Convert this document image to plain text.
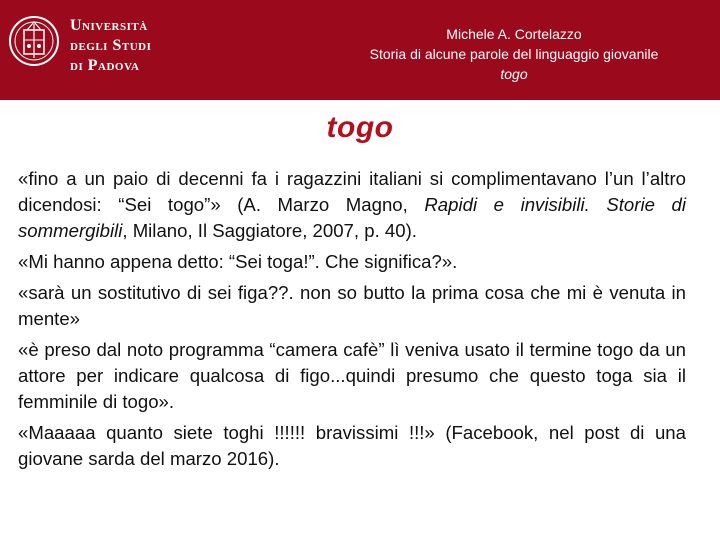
Università
degli Studi
di Padova
Michele A. Cortelazzo
Storia di alcune parole del linguaggio giovanile
togo
togo

«fino a un paio di decenni fa i ragazzini italiani si complimentavano l’un l’altro dicendosi: “Sei togo”» (A. Marzo Magno, Rapidi e invisibili. Storie di sommergibili, Milano, Il Saggiatore, 2007, p. 40).

«Mi hanno appena detto: “Sei toga!”. Che significa?».

«sarà un sostitutivo di sei figa??. non so butto la prima cosa che mi è venuta in mente»

«è preso dal noto programma “camera cafè” lì veniva usato il termine togo da un attore per indicare qualcosa di figo...quindi presumo che questo toga sia il femminile di togo».

«Maaaaa quanto siete toghi !!!!!! bravissimi !!!» (Facebook, nel post di una giovane sarda del marzo 2016).
